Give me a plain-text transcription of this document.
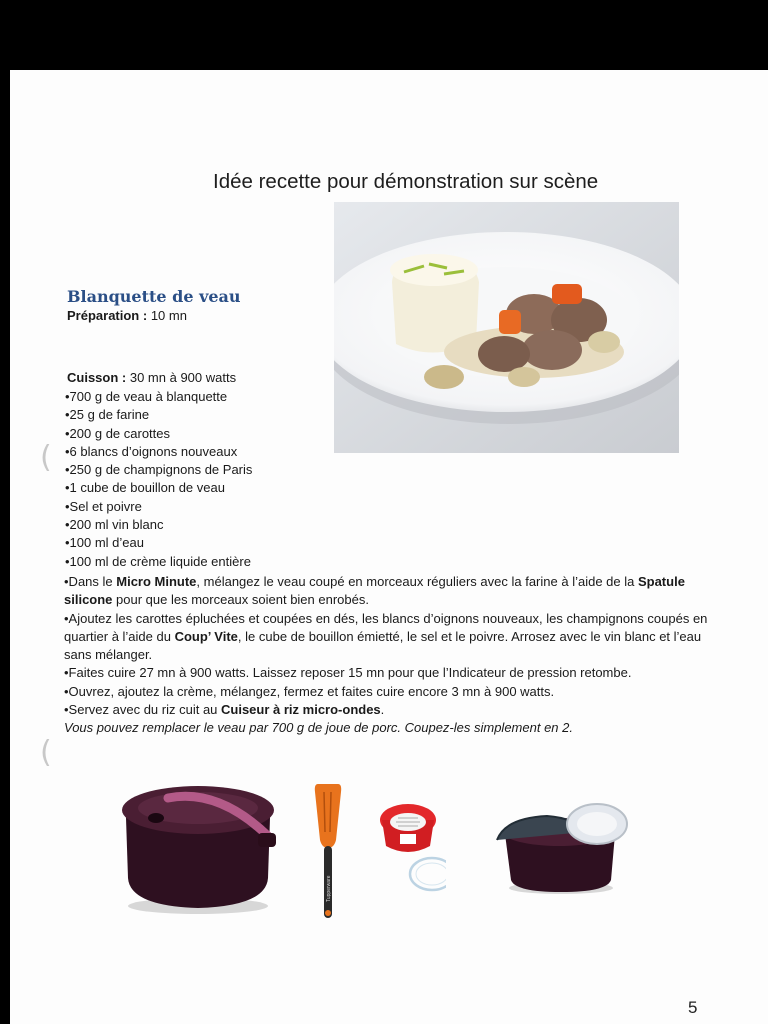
Idée recette pour démonstration sur scène
Blanquette de veau
Préparation : 10 mn
Cuisson : 30 mn à 900 watts
•700 g de veau à blanquette
•25 g de farine
•200 g de carottes
•6 blancs d’oignons nouveaux
•250 g de champignons de Paris
•1 cube de bouillon de veau
•Sel et poivre
•200 ml vin blanc
•100 ml d’eau
•100 ml de crème liquide entière

•Dans le Micro Minute, mélangez le veau coupé en morceaux réguliers avec la farine à l’aide de la Spatule silicone pour que les morceaux soient bien enrobés.

•Ajoutez les carottes épluchées et coupées en dés, les blancs d’oignons nouveaux, les champignons coupés en quartier à l’aide du Coup’ Vite, le cube de bouillon émietté, le sel et le poivre. Arrosez avec le vin blanc et l’eau sans mélanger.

•Faites cuire 27 mn à 900 watts. Laissez reposer 15 mn pour que l’Indicateur de pression retombe.

•Ouvrez, ajoutez la crème, mélangez, fermez et faites cuire encore 3 mn à 900 watts.

•Servez avec du riz cuit au Cuiseur à riz micro-ondes.

Vous pouvez remplacer le veau par 700 g de joue de porc. Coupez-les simplement en 2.

(
(
Tupperware
5
